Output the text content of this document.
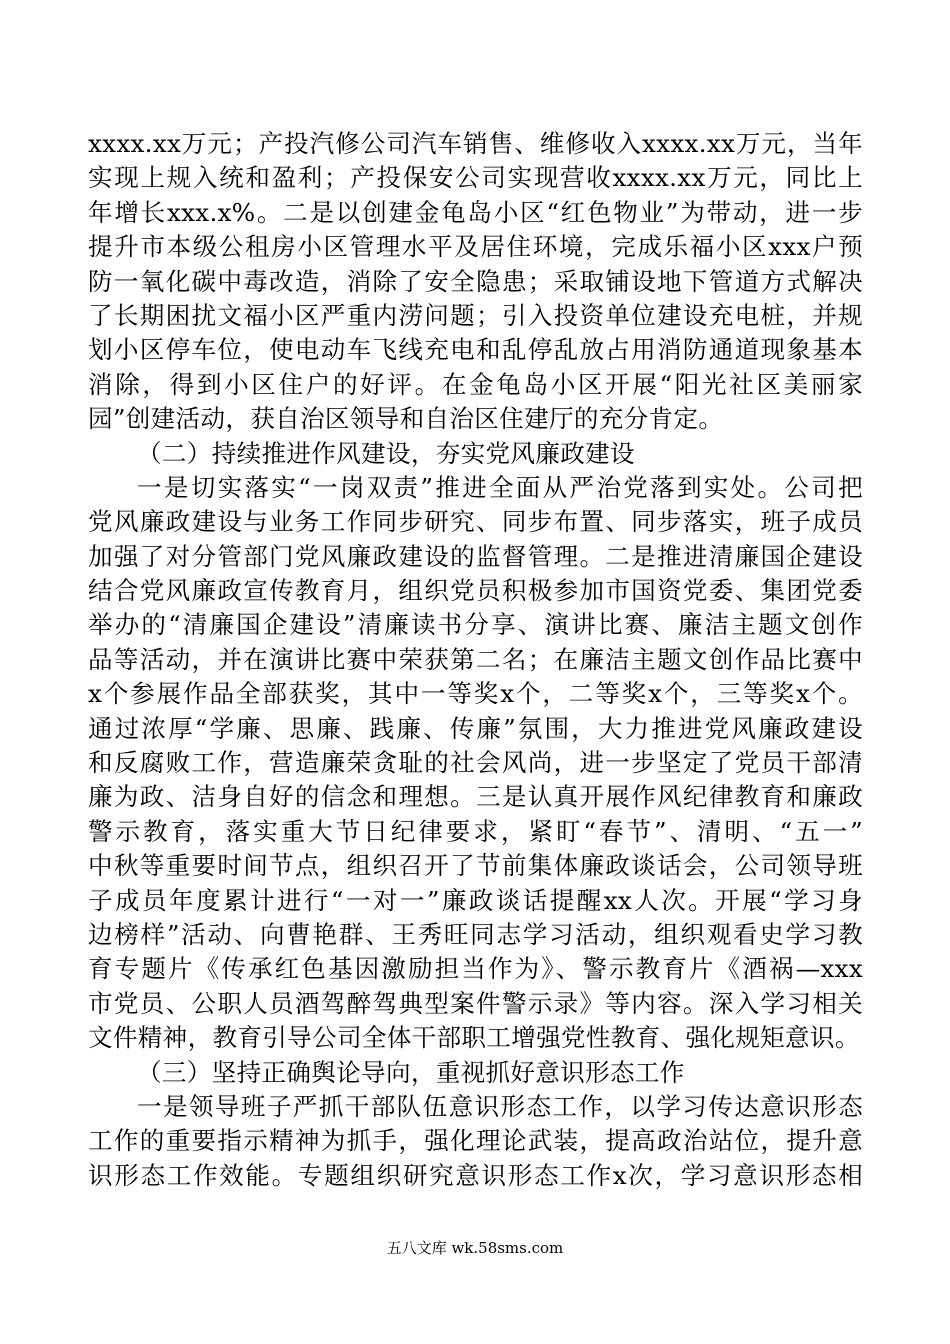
xxxx.xx万元；产投汽修公司汽车销售、维修收入xxxx.xx万元，当年
实现上规入统和盈利；产投保安公司实现营收xxxx.xx万元，同比上
年增长xxx.x%。二是以创建金龟岛小区“红色物业”为带动，进一步
提升市本级公租房小区管理水平及居住环境，完成乐福小区xxx户预
防一氧化碳中毒改造，消除了安全隐患；采取铺设地下管道方式解决
了长期困扰文福小区严重内涝问题；引入投资单位建设充电桩，并规
划小区停车位，使电动车飞线充电和乱停乱放占用消防通道现象基本
消除，得到小区住户的好评。在金龟岛小区开展“阳光社区美丽家
园”创建活动，获自治区领导和自治区住建厅的充分肯定。
（二）持续推进作风建设，夯实党风廉政建设
一是切实落实“一岗双责”推进全面从严治党落到实处。公司把
党风廉政建设与业务工作同步研究、同步布置、同步落实，班子成员
加强了对分管部门党风廉政建设的监督管理。二是推进清廉国企建设
结合党风廉政宣传教育月，组织党员积极参加市国资党委、集团党委
举办的“清廉国企建设”清廉读书分享、演讲比赛、廉洁主题文创作
品等活动，并在演讲比赛中荣获第二名；在廉洁主题文创作品比赛中
x个参展作品全部获奖，其中一等奖x个，二等奖x个，三等奖x个。
通过浓厚“学廉、思廉、践廉、传廉”氛围，大力推进党风廉政建设
和反腐败工作，营造廉荣贪耻的社会风尚，进一步坚定了党员干部清
廉为政、洁身自好的信念和理想。三是认真开展作风纪律教育和廉政
警示教育，落实重大节日纪律要求，紧盯“春节”、清明、“五一”
中秋等重要时间节点，组织召开了节前集体廉政谈话会，公司领导班
子成员年度累计进行“一对一”廉政谈话提醒xx人次。开展“学习身
边榜样”活动、向曹艳群、王秀旺同志学习活动，组织观看史学习教
育专题片《传承红色基因激励担当作为》、警示教育片《酒祸—xxx
市党员、公职人员酒驾醉驾典型案件警示录》等内容。深入学习相关
文件精神，教育引导公司全体干部职工增强党性教育、强化规矩意识。
（三）坚持正确舆论导向，重视抓好意识形态工作
一是领导班子严抓干部队伍意识形态工作，以学习传达意识形态
工作的重要指示精神为抓手，强化理论武装，提高政治站位，提升意
识形态工作效能。专题组织研究意识形态工作x次，学习意识形态相
五八文库 wk.58sms.com
